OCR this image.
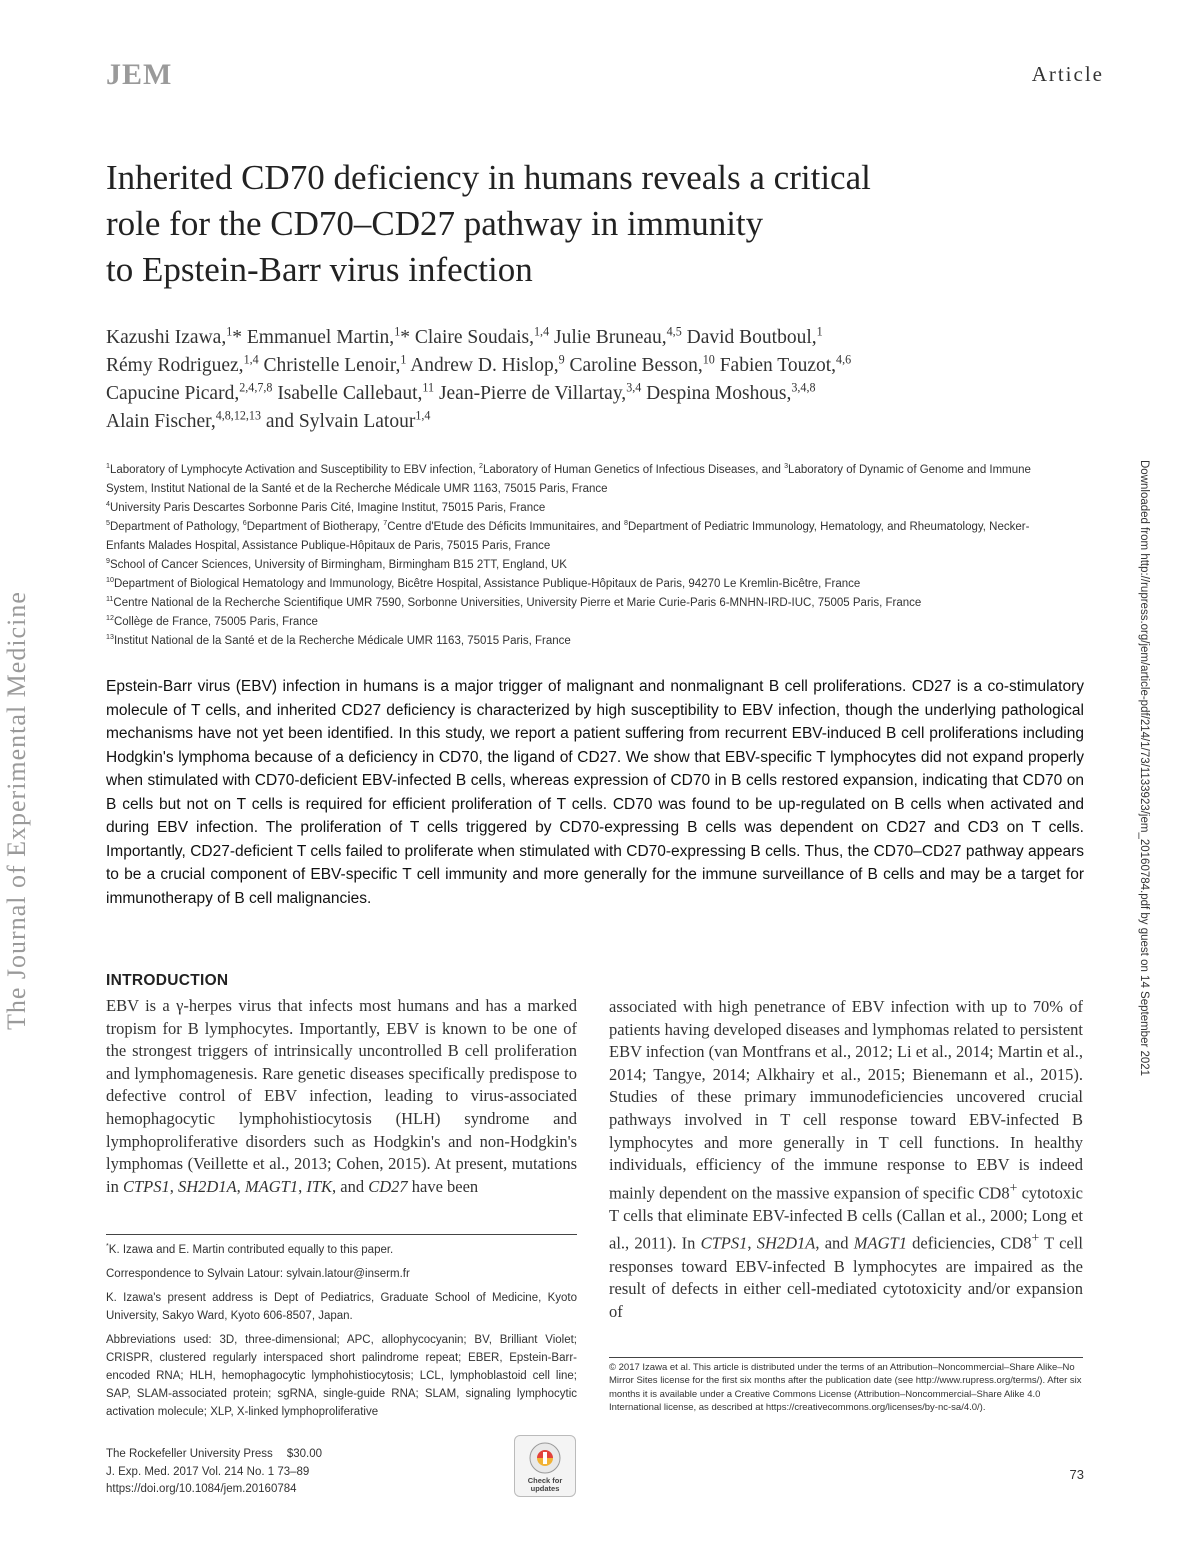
JEM	Article
The Journal of Experimental Medicine	Downloaded from http://rupress.org/jem/article-pdf/214/1/73/1133923/jem_20160784.pdf by guest on 14 September 2021
Inherited CD70 deficiency in humans reveals a critical
role for the CD70–CD27 pathway in immunity
to Epstein-Barr virus infection
Kazushi Izawa,$^1$* Emmanuel Martin,$^1$* Claire Soudais,$^{1,4}$ Julie Bruneau,$^{4,5}$ David Boutboul,$^1$
Rémy Rodriguez,$^{1,4}$ Christelle Lenoir,$^1$ Andrew D. Hislop,$^9$ Caroline Besson,$^{10}$ Fabien Touzot,$^{4,6}$
Capucine Picard,$^{2,4,7,8}$ Isabelle Callebaut,$^{11}$ Jean-Pierre de Villartay,$^{3,4}$ Despina Moshous,$^{3,4,8}$
Alain Fischer,$^{4,8,12,13}$ and Sylvain Latour$^{1,4}$
$^1$Laboratory of Lymphocyte Activation and Susceptibility to EBV infection, $^2$Laboratory of Human Genetics of Infectious Diseases, and $^3$Laboratory of Dynamic of Genome and Immune System, Institut National de la Santé et de la Recherche Médicale UMR 1163, 75015 Paris, France
$^4$University Paris Descartes Sorbonne Paris Cité, Imagine Institut, 75015 Paris, France
$^5$Department of Pathology, $^6$Department of Biotherapy, $^7$Centre d'Etude des Déficits Immunitaires, and $^8$Department of Pediatric Immunology, Hematology, and Rheumatology, Necker-Enfants Malades Hospital, Assistance Publique-Hôpitaux de Paris, 75015 Paris, France
$^9$School of Cancer Sciences, University of Birmingham, Birmingham B15 2TT, England, UK
$^{10}$Department of Biological Hematology and Immunology, Bicêtre Hospital, Assistance Publique-Hôpitaux de Paris, 94270 Le Kremlin-Bicêtre, France
$^{11}$Centre National de la Recherche Scientifique UMR 7590, Sorbonne Universities, University Pierre et Marie Curie-Paris 6-MNHN-IRD-IUC, 75005 Paris, France
$^{12}$Collège de France, 75005 Paris, France
$^{13}$Institut National de la Santé et de la Recherche Médicale UMR 1163, 75015 Paris, France

Epstein-Barr virus (EBV) infection in humans is a major trigger of malignant and nonmalignant B cell proliferations. CD27 is a co-stimulatory molecule of T cells, and inherited CD27 deficiency is characterized by high susceptibility to EBV infection, though the underlying pathological mechanisms have not yet been identified. In this study, we report a patient suffering from recurrent EBV-induced B cell proliferations including Hodgkin's lymphoma because of a deficiency in CD70, the ligand of CD27. We show that EBV-specific T lymphocytes did not expand properly when stimulated with CD70-deficient EBV-infected B cells, whereas expression of CD70 in B cells restored expansion, indicating that CD70 on B cells but not on T cells is required for efficient proliferation of T cells. CD70 was found to be up-regulated on B cells when activated and during EBV infection. The proliferation of T cells triggered by CD70-expressing B cells was dependent on CD27 and CD3 on T cells. Importantly, CD27-deficient T cells failed to proliferate when stimulated with CD70-expressing B cells. Thus, the CD70–CD27 pathway appears to be a crucial component of EBV-specific T cell immunity and more generally for the immune surveillance of B cells and may be a target for immunotherapy of B cell malignancies.

INTRODUCTION

EBV is a γ-herpes virus that infects most humans and has a marked tropism for B lymphocytes. Importantly, EBV is known to be one of the strongest triggers of intrinsically uncontrolled B cell proliferation and lymphomagenesis. Rare genetic diseases specifically predispose to defective control of EBV infection, leading to virus-associated hemophagocytic lymphohistiocytosis (HLH) syndrome and lymphoproliferative disorders such as Hodgkin's and non-Hodgkin's lymphomas (Veillette et al., 2013; Cohen, 2015). At present, mutations in CTPS1, SH2D1A, MAGT1, ITK, and CD27 have been

*K. Izawa and E. Martin contributed equally to this paper.

Correspondence to Sylvain Latour: sylvain.latour@inserm.fr

K. Izawa's present address is Dept of Pediatrics, Graduate School of Medicine, Kyoto University, Sakyo Ward, Kyoto 606-8507, Japan.

Abbreviations used: 3D, three-dimensional; APC, allophycocyanin; BV, Brilliant Violet; CRISPR, clustered regularly interspaced short palindrome repeat; EBER, Epstein-Barr-encoded RNA; HLH, hemophagocytic lymphohistiocytosis; LCL, lymphoblastoid cell line; SAP, SLAM-associated protein; sgRNA, single-guide RNA; SLAM, signaling lymphocytic activation molecule; XLP, X-linked lymphoproliferative

associated with high penetrance of EBV infection with up to 70% of patients having developed diseases and lymphomas related to persistent EBV infection (van Montfrans et al., 2012; Li et al., 2014; Martin et al., 2014; Tangye, 2014; Alkhairy et al., 2015; Bienemann et al., 2015). Studies of these primary immunodeficiencies uncovered crucial pathways involved in T cell response toward EBV-infected B lymphocytes and more generally in T cell functions. In healthy individuals, efficiency of the immune response to EBV is indeed mainly dependent on the massive expansion of specific CD8+ cytotoxic T cells that eliminate EBV-infected B cells (Callan et al., 2000; Long et al., 2011). In CTPS1, SH2D1A, and MAGT1 deficiencies, CD8+ T cell responses toward EBV-infected B lymphocytes are impaired as the result of defects in either cell-mediated cytotoxicity and/or expansion of

© 2017 Izawa et al. This article is distributed under the terms of an Attribution–Noncommercial–Share Alike–No Mirror Sites license for the first six months after the publication date (see http://www.rupress.org/terms/). After six months it is available under a Creative Commons License (Attribution–Noncommercial–Share Alike 4.0 International license, as described at https://creativecommons.org/licenses/by-nc-sa/4.0/).

The Rockefeller University Press $30.00
J. Exp. Med. 2017 Vol. 214 No. 1 73–89
https://doi.org/10.1084/jem.20160784
Check for updates
73
